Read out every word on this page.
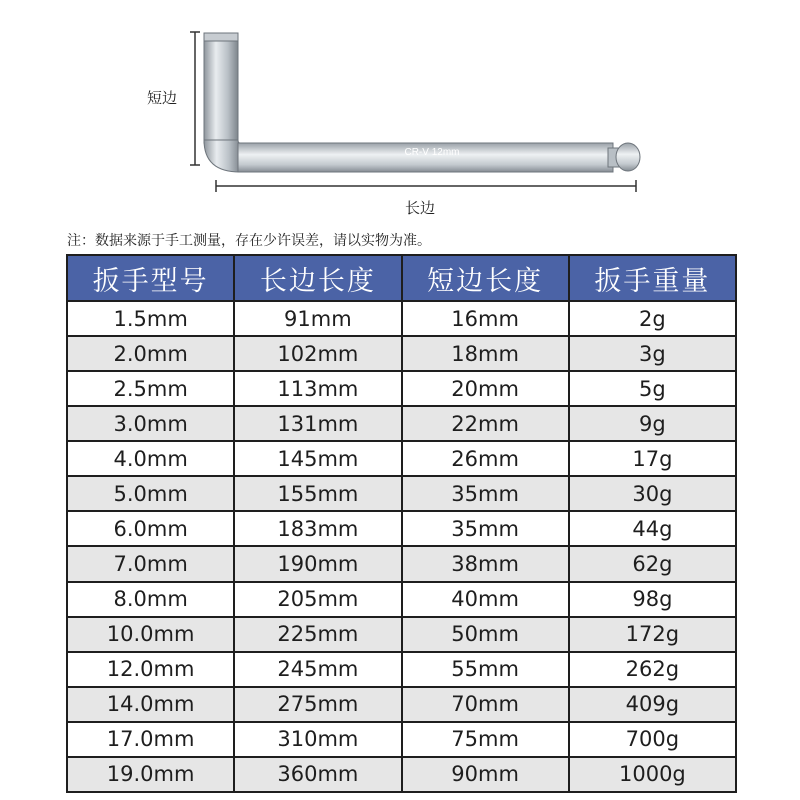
CR-V 12mm
短边
长边
注：数据来源于手工测量，存在少许误差，请以实物为准。
扳手型号	长边长度	短边长度	扳手重量
1.5mm	91mm	16mm	2g
2.0mm	102mm	18mm	3g
2.5mm	113mm	20mm	5g
3.0mm	131mm	22mm	9g
4.0mm	145mm	26mm	17g
5.0mm	155mm	35mm	30g
6.0mm	183mm	35mm	44g
7.0mm	190mm	38mm	62g
8.0mm	205mm	40mm	98g
10.0mm	225mm	50mm	172g
12.0mm	245mm	55mm	262g
14.0mm	275mm	70mm	409g
17.0mm	310mm	75mm	700g
19.0mm	360mm	90mm	1000g
